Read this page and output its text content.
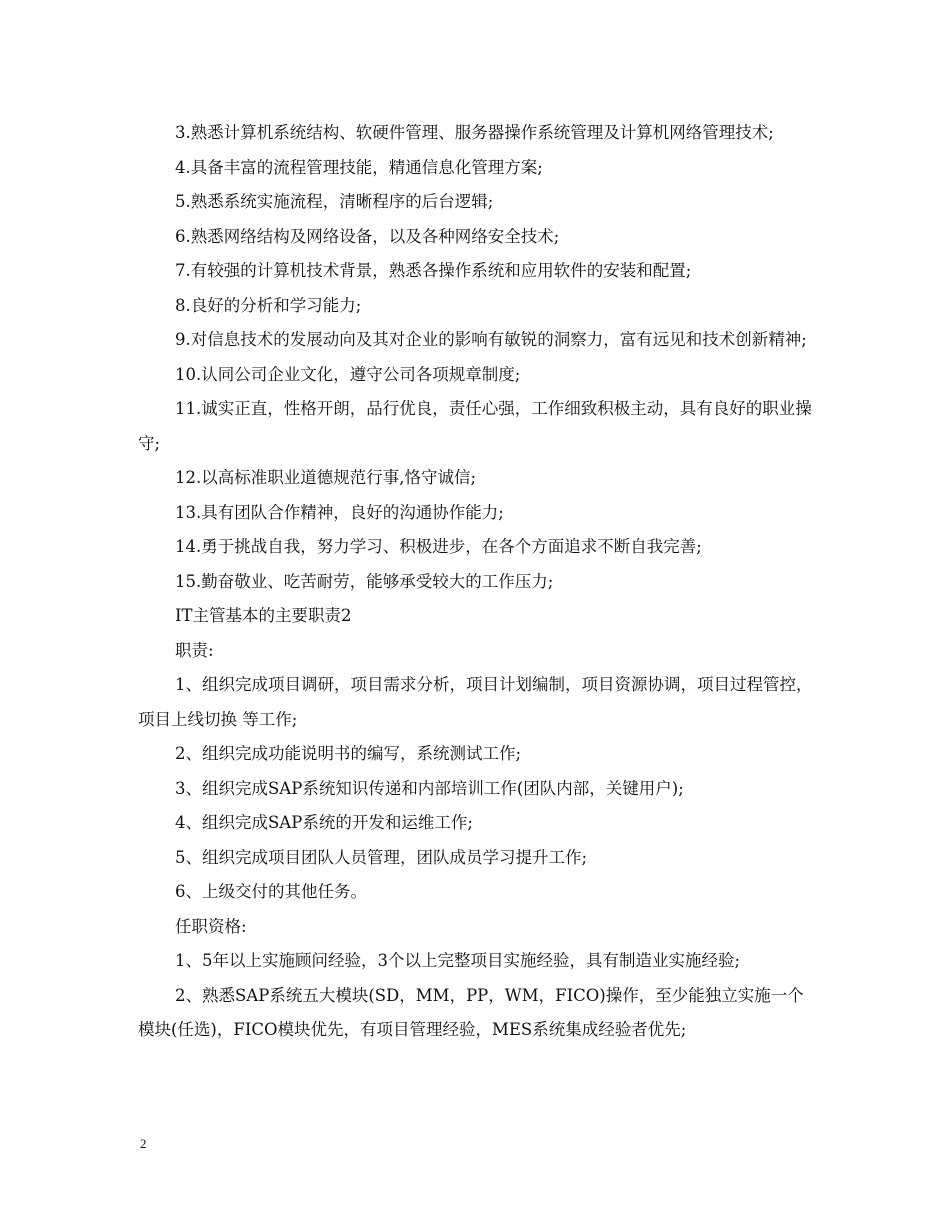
3.熟悉计算机系统结构、软硬件管理、服务器操作系统管理及计算机网络管理技术;

4.具备丰富的流程管理技能，精通信息化管理方案;

5.熟悉系统实施流程，清晰程序的后台逻辑;

6.熟悉网络结构及网络设备，以及各种网络安全技术;

7.有较强的计算机技术背景，熟悉各操作系统和应用软件的安装和配置;

8.良好的分析和学习能力;

9.对信息技术的发展动向及其对企业的影响有敏锐的洞察力，富有远见和技术创新精神;

10.认同公司企业文化，遵守公司各项规章制度;

11.诚实正直，性格开朗，品行优良，责任心强，工作细致积极主动，具有良好的职业操守;

12.以高标准职业道德规范行事,恪守诚信;

13.具有团队合作精神，良好的沟通协作能力;

14.勇于挑战自我，努力学习、积极进步，在各个方面追求不断自我完善;

15.勤奋敬业、吃苦耐劳，能够承受较大的工作压力;

IT主管基本的主要职责2

职责:

1、组织完成项目调研，项目需求分析，项目计划编制，项目资源协调，项目过程管控，项目上线切换 等工作;

2、组织完成功能说明书的编写，系统测试工作;

3、组织完成SAP系统知识传递和内部培训工作(团队内部，关键用户);

4、组织完成SAP系统的开发和运维工作;

5、组织完成项目团队人员管理，团队成员学习提升工作;

6、上级交付的其他任务。

任职资格:

1、5年以上实施顾问经验，3个以上完整项目实施经验，具有制造业实施经验;

2、熟悉SAP系统五大模块(SD，MM，PP，WM，FICO)操作，至少能独立实施一个模块(任选)，FICO模块优先，有项目管理经验，MES系统集成经验者优先;

2
